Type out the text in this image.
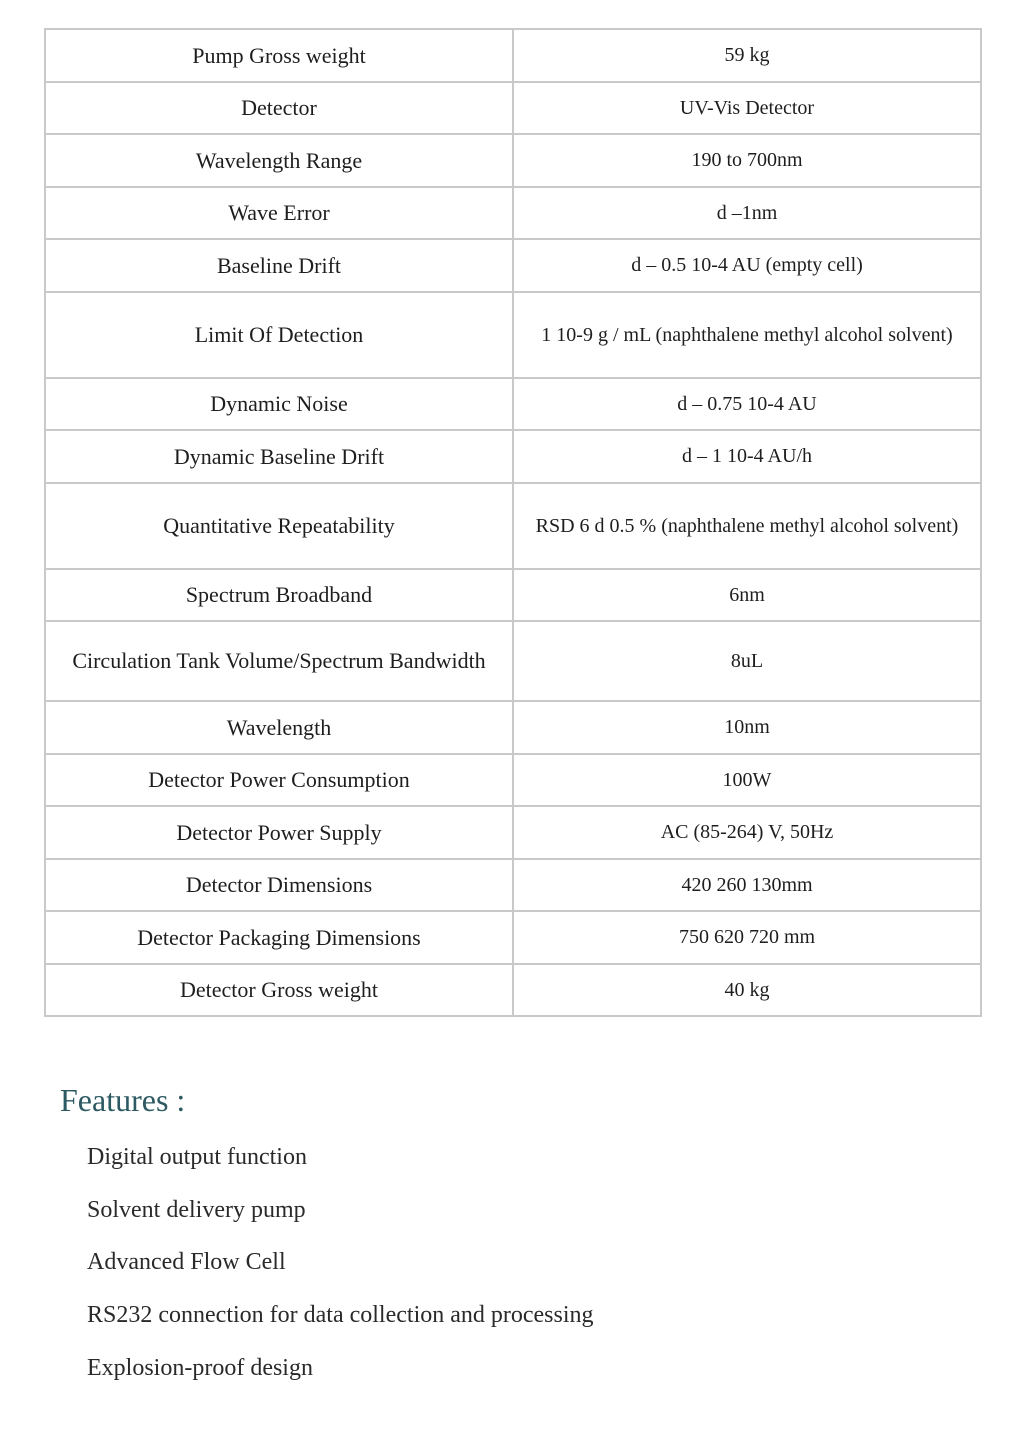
Pump Gross weight	59 kg
Detector	UV-Vis Detector
Wavelength Range	190 to 700nm
Wave Error	d –1nm
Baseline Drift	d – 0.5 10-4 AU (empty cell)
Limit Of Detection	1 10-9 g / mL (naphthalene methyl alcohol solvent)
Dynamic Noise	d – 0.75 10-4 AU
Dynamic Baseline Drift	d – 1 10-4 AU/h
Quantitative Repeatability	RSD 6 d 0.5 % (naphthalene methyl alcohol solvent)
Spectrum Broadband	6nm
Circulation Tank Volume/Spectrum Bandwidth	8uL
Wavelength	10nm
Detector Power Consumption	100W
Detector Power Supply	AC (85-264) V, 50Hz
Detector Dimensions	420 260 130mm
Detector Packaging Dimensions	750 620 720 mm
Detector Gross weight	40 kg
Features :
Digital output function
Solvent delivery pump
Advanced Flow Cell
RS232 connection for data collection and processing
Explosion-proof design
